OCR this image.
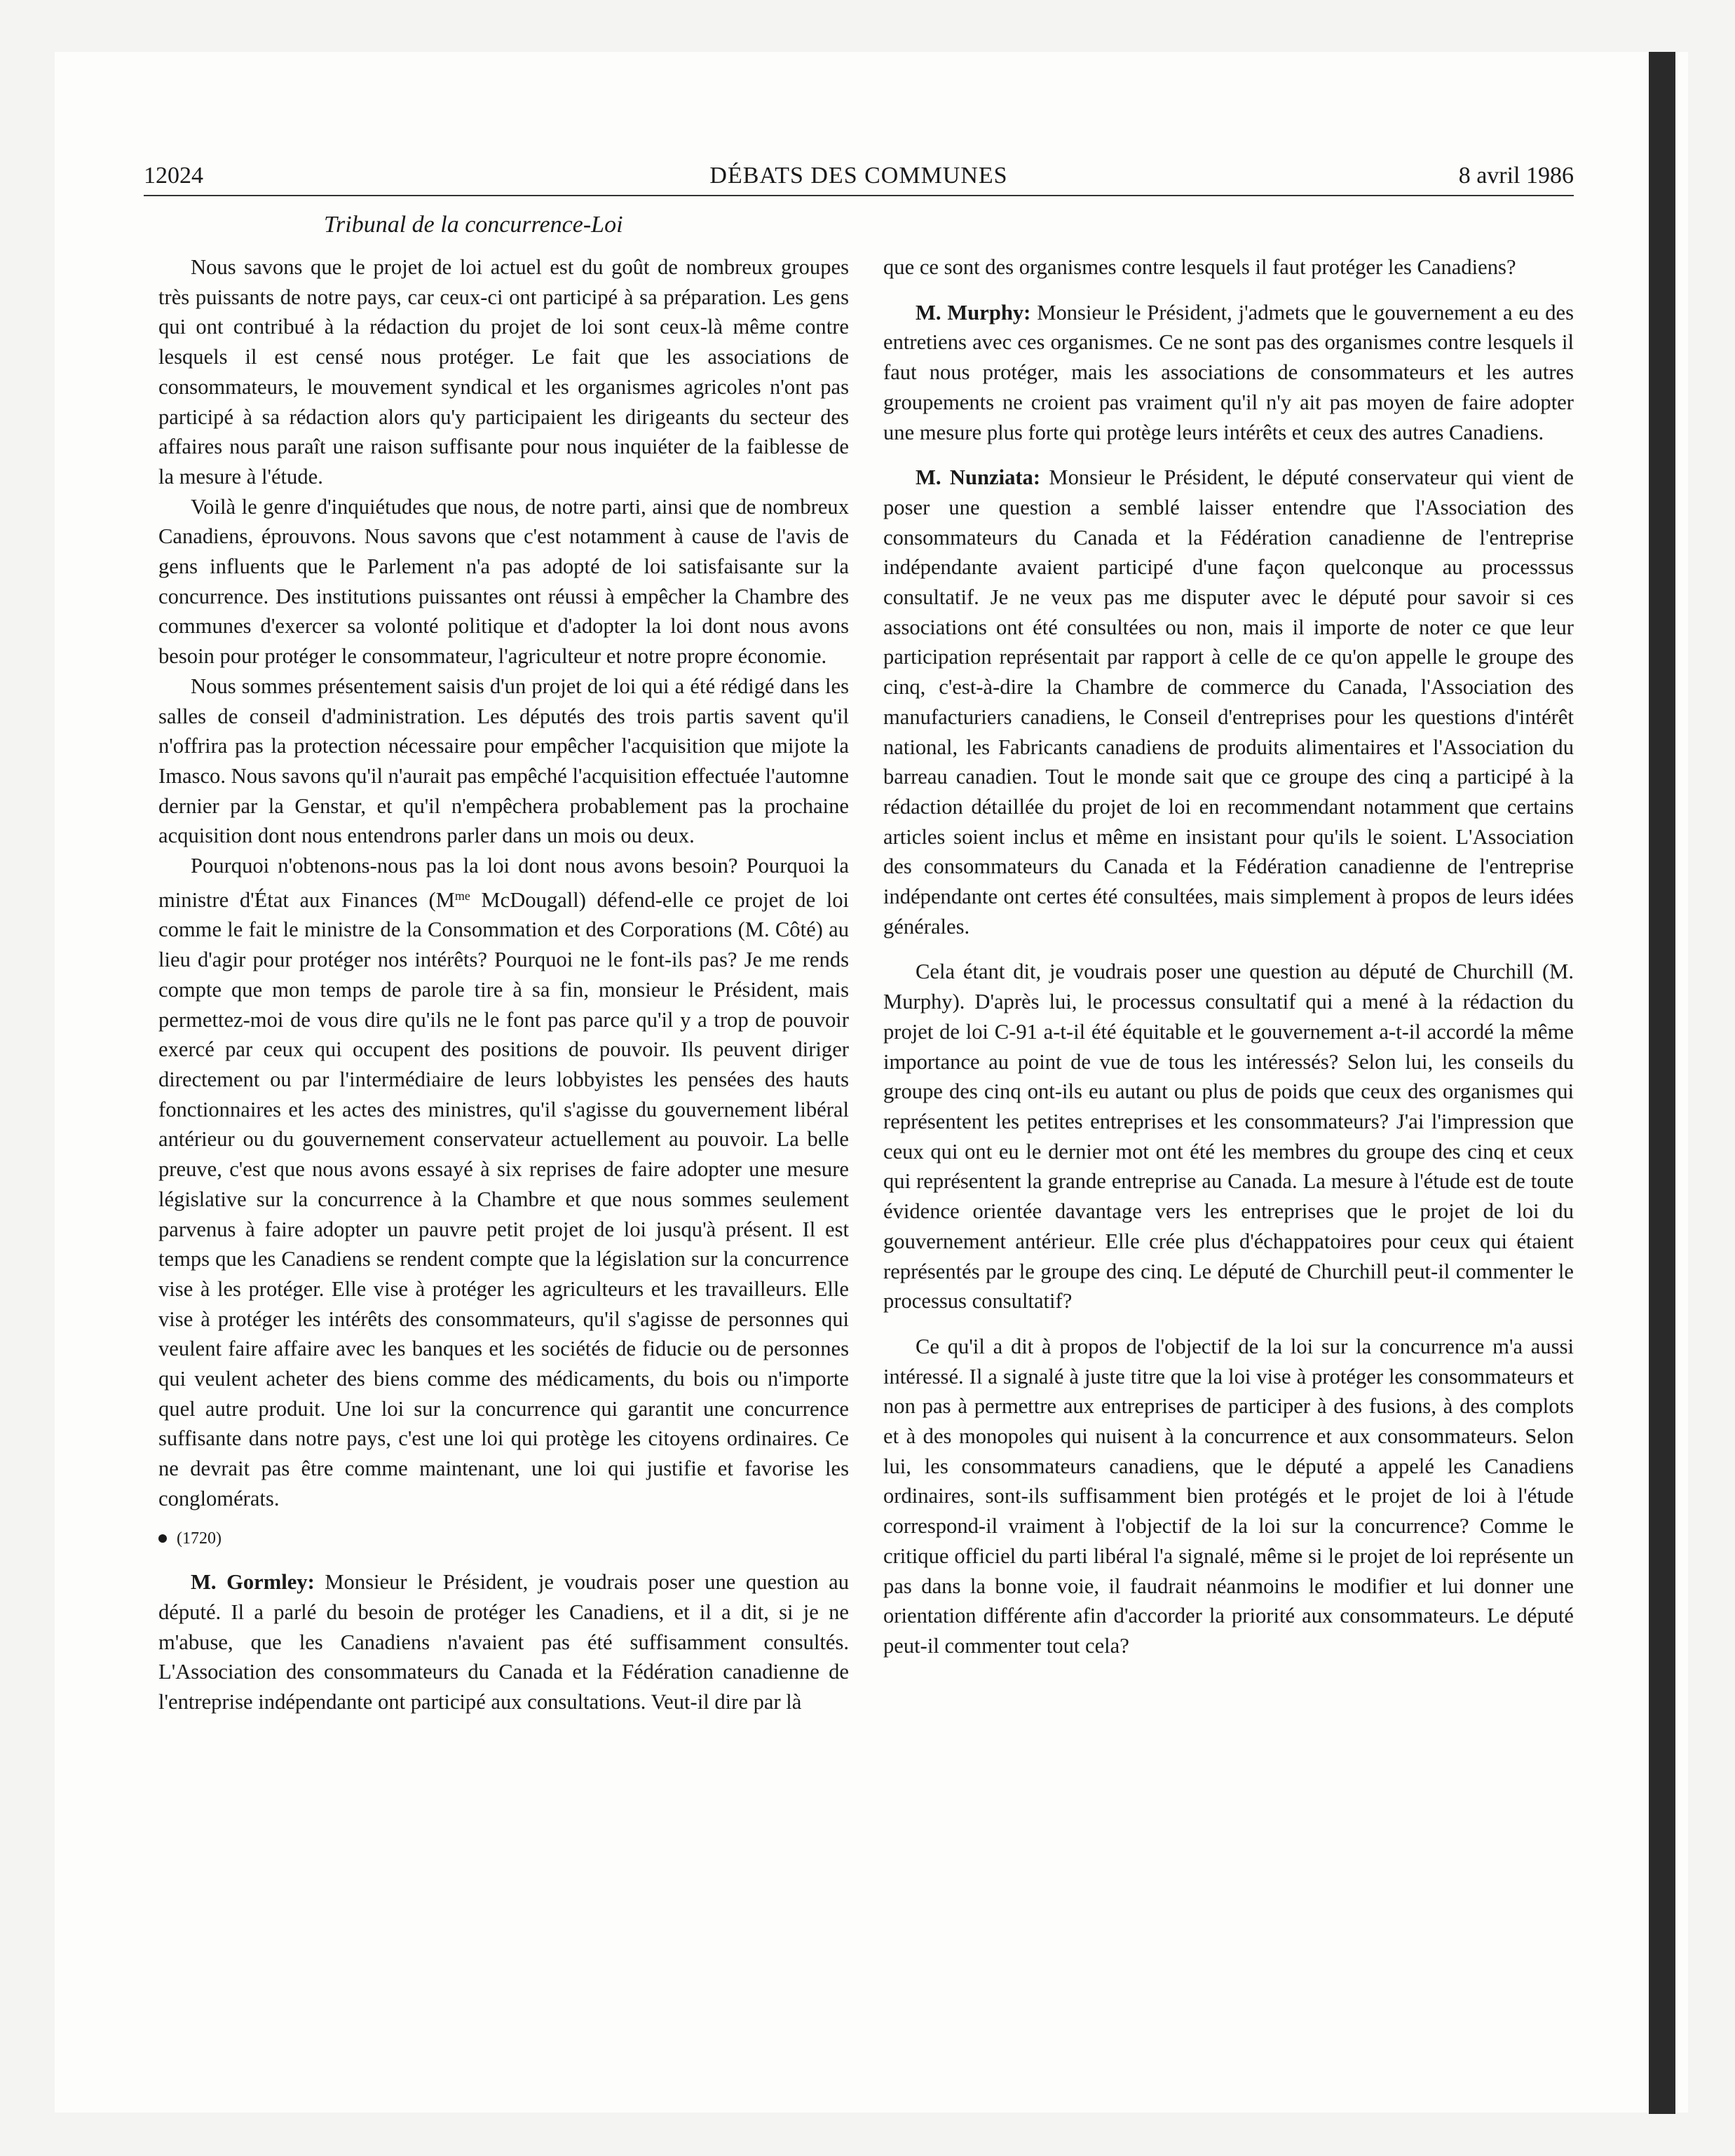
12024	DÉBATS DES COMMUNES	8 avril 1986
Tribunal de la concurrence-Loi

Nous savons que le projet de loi actuel est du goût de nombreux groupes très puissants de notre pays, car ceux-ci ont participé à sa préparation. Les gens qui ont contribué à la rédaction du projet de loi sont ceux-là même contre lesquels il est censé nous protéger. Le fait que les associations de consommateurs, le mouvement syndical et les organismes agricoles n'ont pas participé à sa rédaction alors qu'y participaient les dirigeants du secteur des affaires nous paraît une raison suffisante pour nous inquiéter de la faiblesse de la mesure à l'étude.

Voilà le genre d'inquiétudes que nous, de notre parti, ainsi que de nombreux Canadiens, éprouvons. Nous savons que c'est notamment à cause de l'avis de gens influents que le Parlement n'a pas adopté de loi satisfaisante sur la concurrence. Des institutions puissantes ont réussi à empêcher la Chambre des communes d'exercer sa volonté politique et d'adopter la loi dont nous avons besoin pour protéger le consommateur, l'agriculteur et notre propre économie.

Nous sommes présentement saisis d'un projet de loi qui a été rédigé dans les salles de conseil d'administration. Les députés des trois partis savent qu'il n'offrira pas la protection nécessaire pour empêcher l'acquisition que mijote la Imasco. Nous savons qu'il n'aurait pas empêché l'acquisition effectuée l'automne dernier par la Genstar, et qu'il n'empêchera probablement pas la prochaine acquisition dont nous entendrons parler dans un mois ou deux.

Pourquoi n'obtenons-nous pas la loi dont nous avons besoin? Pourquoi la ministre d'État aux Finances ($M^{me}$ McDougall) défend-elle ce projet de loi comme le fait le ministre de la Consommation et des Corporations (M. Côté) au lieu d'agir pour protéger nos intérêts? Pourquoi ne le font-ils pas? Je me rends compte que mon temps de parole tire à sa fin, monsieur le Président, mais permettez-moi de vous dire qu'ils ne le font pas parce qu'il y a trop de pouvoir exercé par ceux qui occupent des positions de pouvoir. Ils peuvent diriger directement ou par l'intermédiaire de leurs lobbyistes les pensées des hauts fonctionnaires et les actes des ministres, qu'il s'agisse du gouvernement libéral antérieur ou du gouvernement conservateur actuellement au pouvoir. La belle preuve, c'est que nous avons essayé à six reprises de faire adopter une mesure législative sur la concurrence à la Chambre et que nous sommes seulement parvenus à faire adopter un pauvre petit projet de loi jusqu'à présent. Il est temps que les Canadiens se rendent compte que la législation sur la concurrence vise à les protéger. Elle vise à protéger les agriculteurs et les travailleurs. Elle vise à protéger les intérêts des consommateurs, qu'il s'agisse de personnes qui veulent faire affaire avec les banques et les sociétés de fiducie ou de personnes qui veulent acheter des biens comme des médicaments, du bois ou n'importe quel autre produit. Une loi sur la concurrence qui garantit une concurrence suffisante dans notre pays, c'est une loi qui protège les citoyens ordinaires. Ce ne devrait pas être comme maintenant, une loi qui justifie et favorise les conglomérats.

(1720)

M. Gormley: Monsieur le Président, je voudrais poser une question au député. Il a parlé du besoin de protéger les Canadiens, et il a dit, si je ne m'abuse, que les Canadiens n'avaient pas été suffisamment consultés. L'Association des consommateurs du Canada et la Fédération canadienne de l'entreprise indépendante ont participé aux consultations. Veut-il dire par là

que ce sont des organismes contre lesquels il faut protéger les Canadiens?

M. Murphy: Monsieur le Président, j'admets que le gouvernement a eu des entretiens avec ces organismes. Ce ne sont pas des organismes contre lesquels il faut nous protéger, mais les associations de consommateurs et les autres groupements ne croient pas vraiment qu'il n'y ait pas moyen de faire adopter une mesure plus forte qui protège leurs intérêts et ceux des autres Canadiens.

M. Nunziata: Monsieur le Président, le député conservateur qui vient de poser une question a semblé laisser entendre que l'Association des consommateurs du Canada et la Fédération canadienne de l'entreprise indépendante avaient participé d'une façon quelconque au processsus consultatif. Je ne veux pas me disputer avec le député pour savoir si ces associations ont été consultées ou non, mais il importe de noter ce que leur participation représentait par rapport à celle de ce qu'on appelle le groupe des cinq, c'est-à-dire la Chambre de commerce du Canada, l'Association des manufacturiers canadiens, le Conseil d'entreprises pour les questions d'intérêt national, les Fabricants canadiens de produits alimentaires et l'Association du barreau canadien. Tout le monde sait que ce groupe des cinq a participé à la rédaction détaillée du projet de loi en recommendant notamment que certains articles soient inclus et même en insistant pour qu'ils le soient. L'Association des consommateurs du Canada et la Fédération canadienne de l'entreprise indépendante ont certes été consultées, mais simplement à propos de leurs idées générales.

Cela étant dit, je voudrais poser une question au député de Churchill (M. Murphy). D'après lui, le processus consultatif qui a mené à la rédaction du projet de loi C-91 a-t-il été équitable et le gouvernement a-t-il accordé la même importance au point de vue de tous les intéressés? Selon lui, les conseils du groupe des cinq ont-ils eu autant ou plus de poids que ceux des organismes qui représentent les petites entreprises et les consommateurs? J'ai l'impression que ceux qui ont eu le dernier mot ont été les membres du groupe des cinq et ceux qui représentent la grande entreprise au Canada. La mesure à l'étude est de toute évidence orientée davantage vers les entreprises que le projet de loi du gouvernement antérieur. Elle crée plus d'échappatoires pour ceux qui étaient représentés par le groupe des cinq. Le député de Churchill peut-il commenter le processus consultatif?

Ce qu'il a dit à propos de l'objectif de la loi sur la concurrence m'a aussi intéressé. Il a signalé à juste titre que la loi vise à protéger les consommateurs et non pas à permettre aux entreprises de participer à des fusions, à des complots et à des monopoles qui nuisent à la concurrence et aux consommateurs. Selon lui, les consommateurs canadiens, que le député a appelé les Canadiens ordinaires, sont-ils suffisamment bien protégés et le projet de loi à l'étude correspond-il vraiment à l'objectif de la loi sur la concurrence? Comme le critique officiel du parti libéral l'a signalé, même si le projet de loi représente un pas dans la bonne voie, il faudrait néanmoins le modifier et lui donner une orientation différente afin d'accorder la priorité aux consommateurs. Le député peut-il commenter tout cela?
